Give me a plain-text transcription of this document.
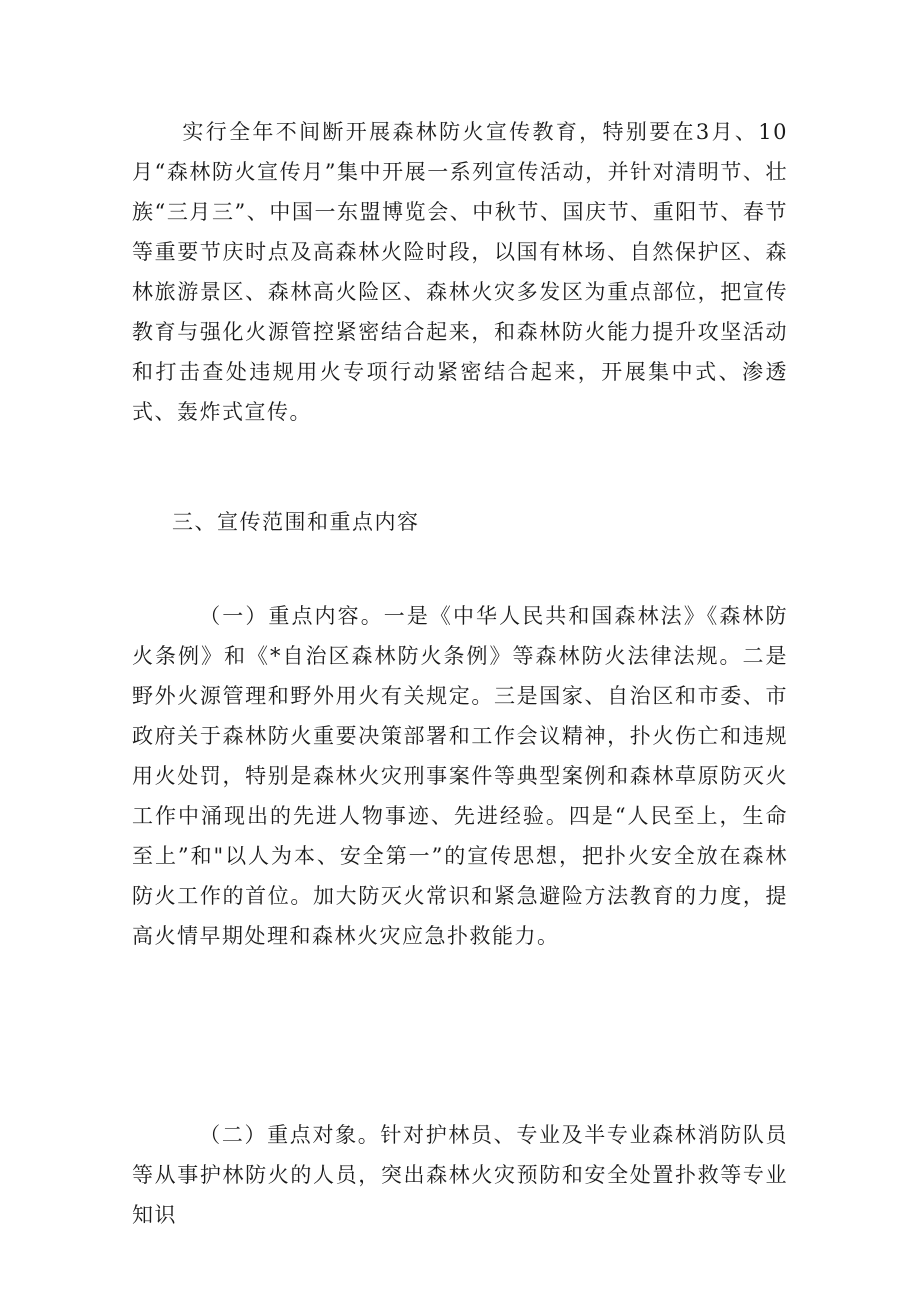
实行全年不间断开展森林防火宣传教育，特别要在3月、10月“森林防火宣传月”集中开展一系列宣传活动，并针对清明节、壮族“三月三”、中国一东盟博览会、中秋节、国庆节、重阳节、春节等重要节庆时点及高森林火险时段，以国有林场、自然保护区、森林旅游景区、森林高火险区、森林火灾多发区为重点部位，把宣传教育与强化火源管控紧密结合起来，和森林防火能力提升攻坚活动和打击查处违规用火专项行动紧密结合起来，开展集中式、渗透式、轰炸式宣传。

三、宣传范围和重点内容

（一）重点内容。一是《中华人民共和国森林法》《森林防火条例》和《*自治区森林防火条例》等森林防火法律法规。二是野外火源管理和野外用火有关规定。三是国家、自治区和市委、市政府关于森林防火重要决策部署和工作会议精神，扑火伤亡和违规用火处罚，特别是森林火灾刑事案件等典型案例和森林草原防灭火工作中涌现出的先进人物事迹、先进经验。四是“人民至上，生命至上”和"以人为本、安全第一”的宣传思想，把扑火安全放在森林防火工作的首位。加大防灭火常识和紧急避险方法教育的力度，提高火情早期处理和森林火灾应急扑救能力。

（二）重点对象。针对护林员、专业及半专业森林消防队员等从事护林防火的人员，突出森林火灾预防和安全处置扑救等专业知识
